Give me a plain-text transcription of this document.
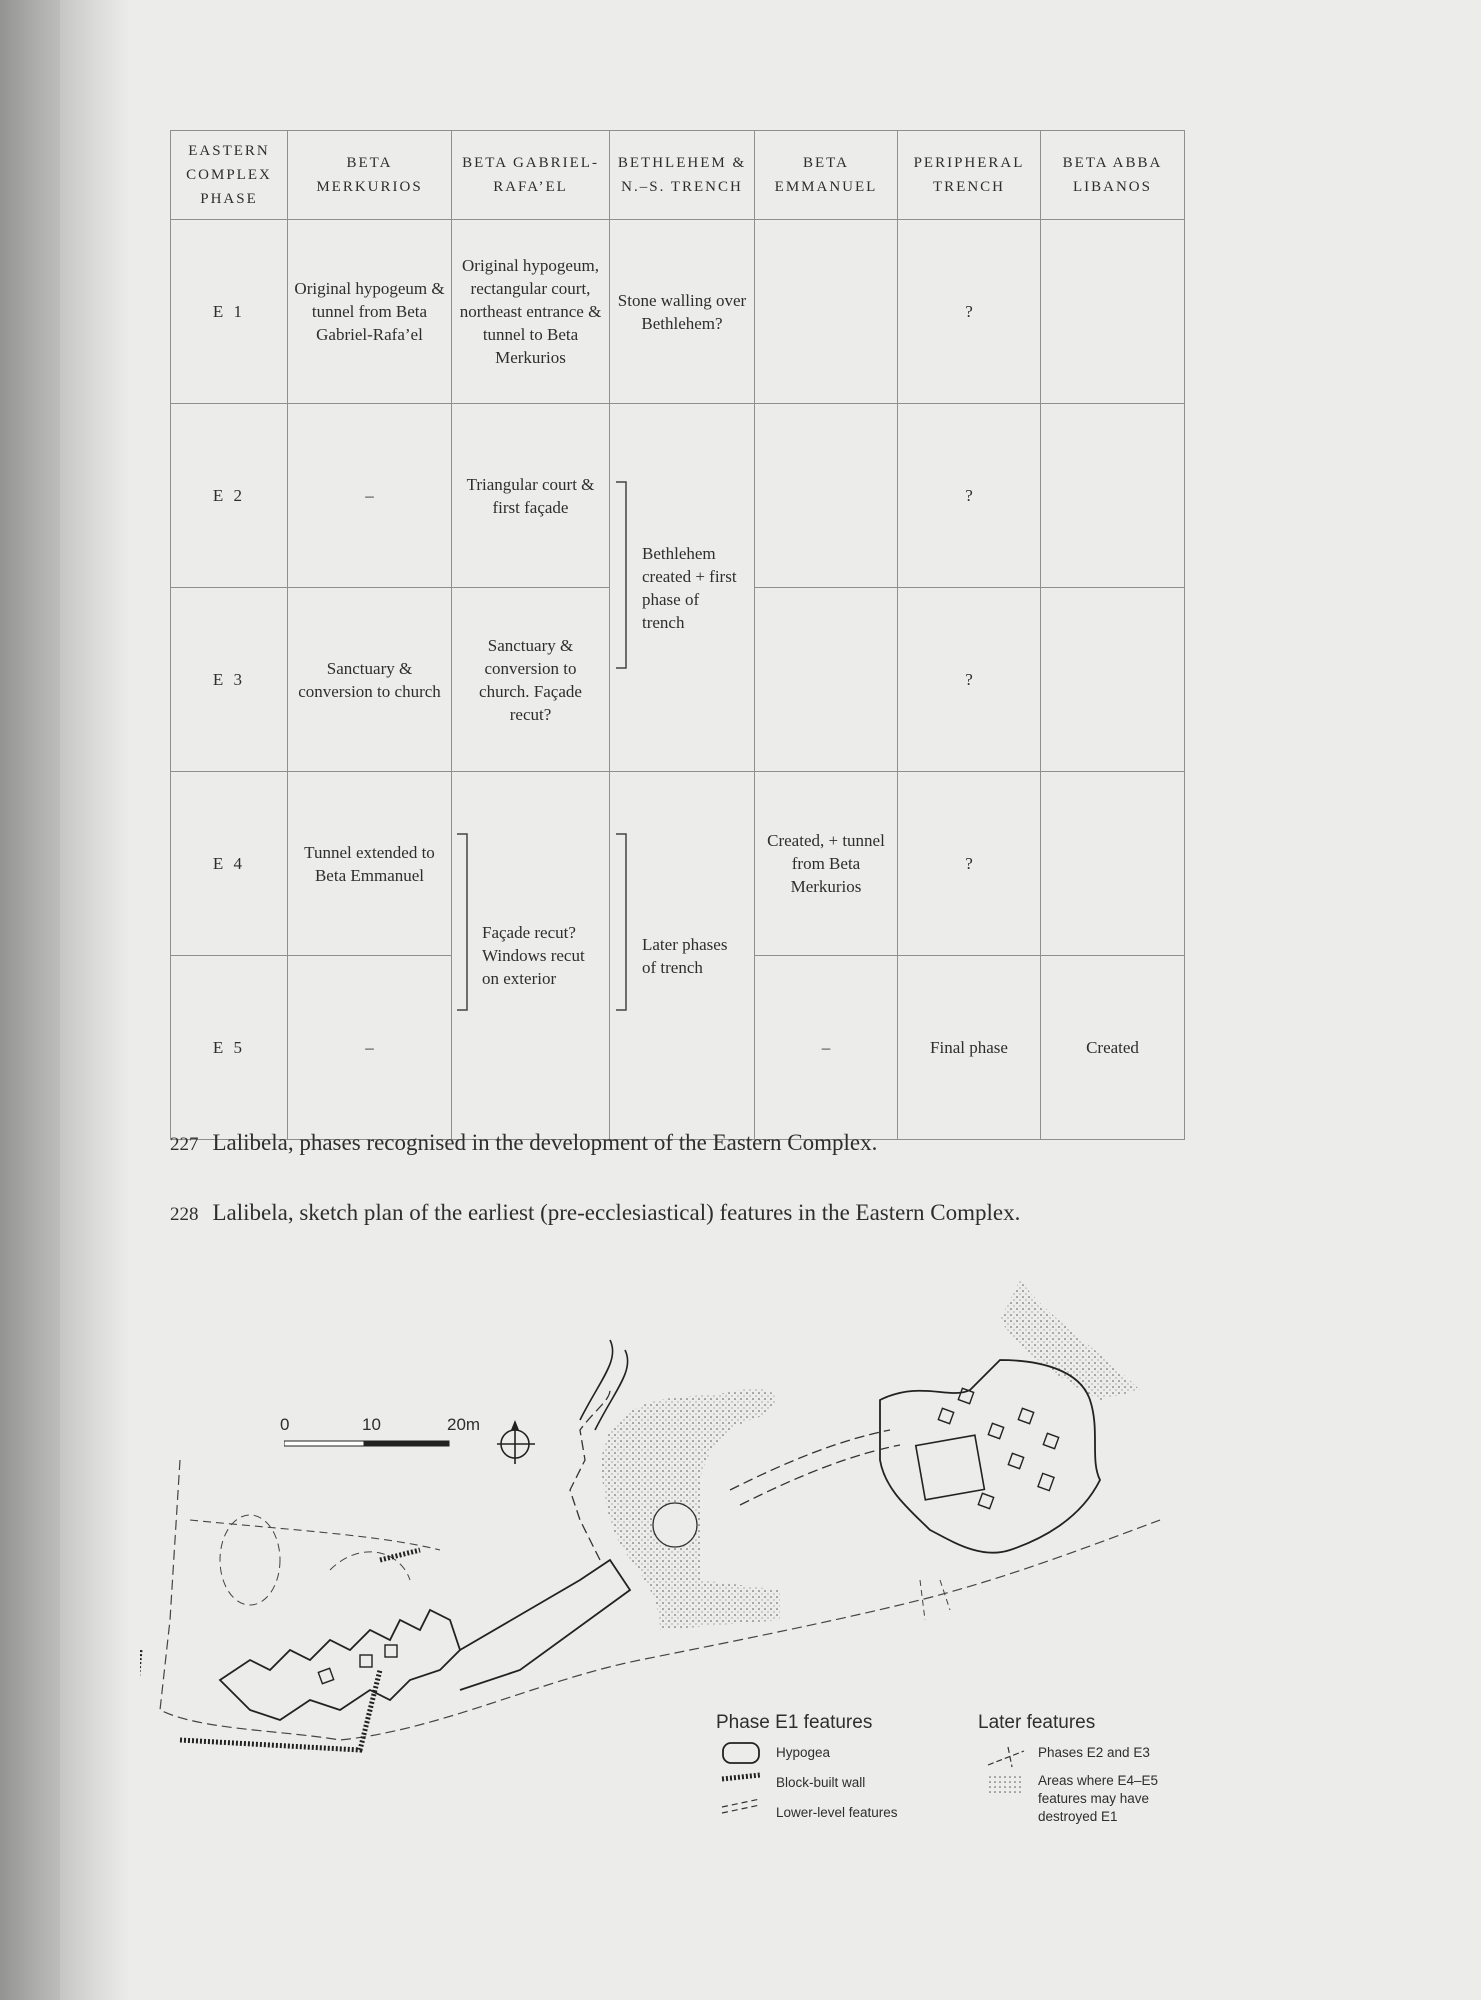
EASTERN COMPLEX PHASE	BETA MERKURIOS	BETA GABRIEL-RAFA’EL	BETHLEHEM & N.–S. TRENCH	BETA EMMANUEL	PERIPHERAL TRENCH	BETA ABBA LIBANOS
E 1	Original hypogeum & tunnel from Beta Gabriel-Rafa’el	Original hypogeum, rectangular court, northeast entrance & tunnel to Beta Merkurios	Stone walling over Bethlehem?		?	
E 2	–	Triangular court & first façade	Bethlehem created + first phase of trench		?	
E 3	Sanctuary & conversion to church	Sanctuary & conversion to church. Façade recut?			?	
E 4	Tunnel extended to Beta Emmanuel	Façade recut? Windows recut on exterior	Later phases of trench	Created, + tunnel from Beta Merkurios	?	
E 5	–			–	Final phase	Created
227 Lalibela, phases recognised in the development of the Eastern Complex.
228 Lalibela, sketch plan of the earliest (pre-ecclesiastical) features in the Eastern Complex.
0	10	20m
Phase E1 features
Hypogea
Block-built wall
Lower-level features
Later features
Phases E2 and E3
Areas where E4–E5 features may have destroyed E1
